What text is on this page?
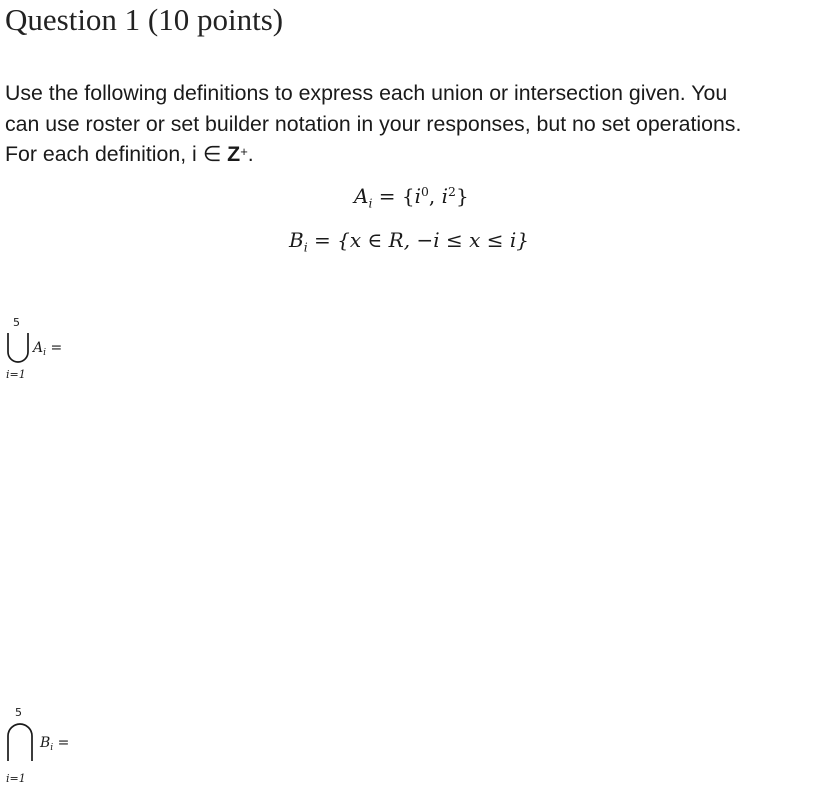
Question 1 (10 points)

Use the following definitions to express each union or intersection given. You

can use roster or set builder notation in your responses, but no set operations.

For each definition, i ∈ Z+.

$A_i = \{i^0$, $i^2$}
$B_i = \{x$ ∈ R, −i ≤ x ≤ i}
5
$A_i$ =
i=1
5
$B_i$ =
i=1
